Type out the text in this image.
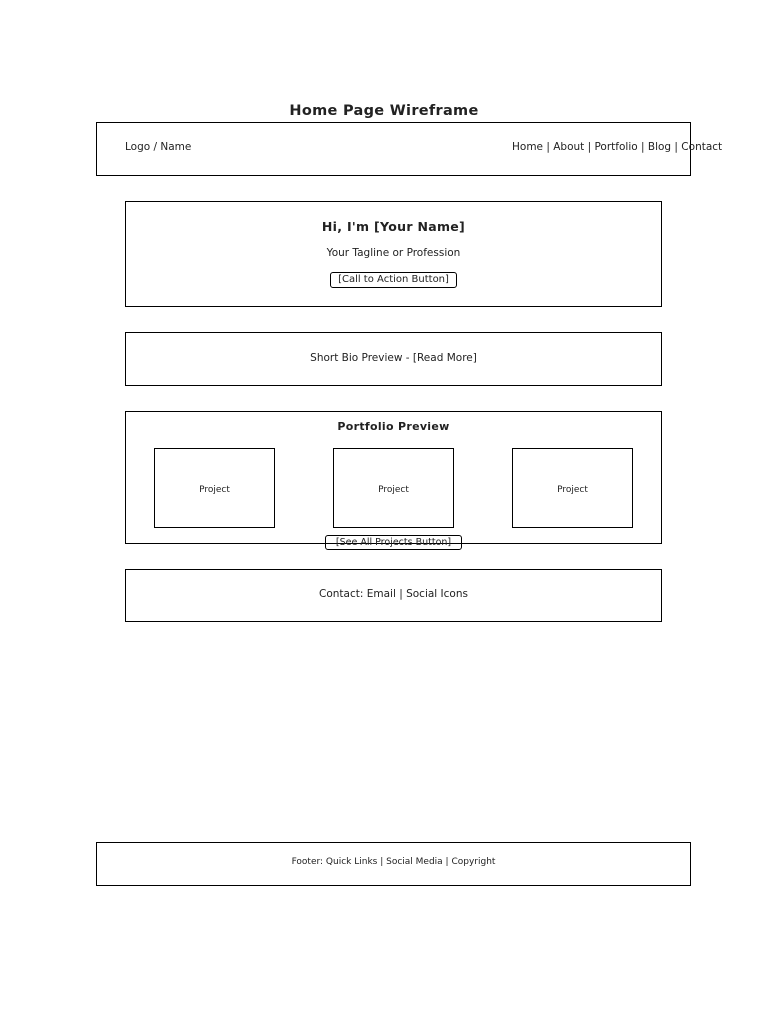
Home Page Wireframe
Logo / Name	Home | About | Portfolio | Blog | Contact
Hi, I'm [Your Name]
Your Tagline or Profession
[Call to Action Button]
Short Bio Preview - [Read More]
Portfolio Preview
Project	Project	Project
[See All Projects Button]
Contact: Email | Social Icons
Footer: Quick Links | Social Media | Copyright
